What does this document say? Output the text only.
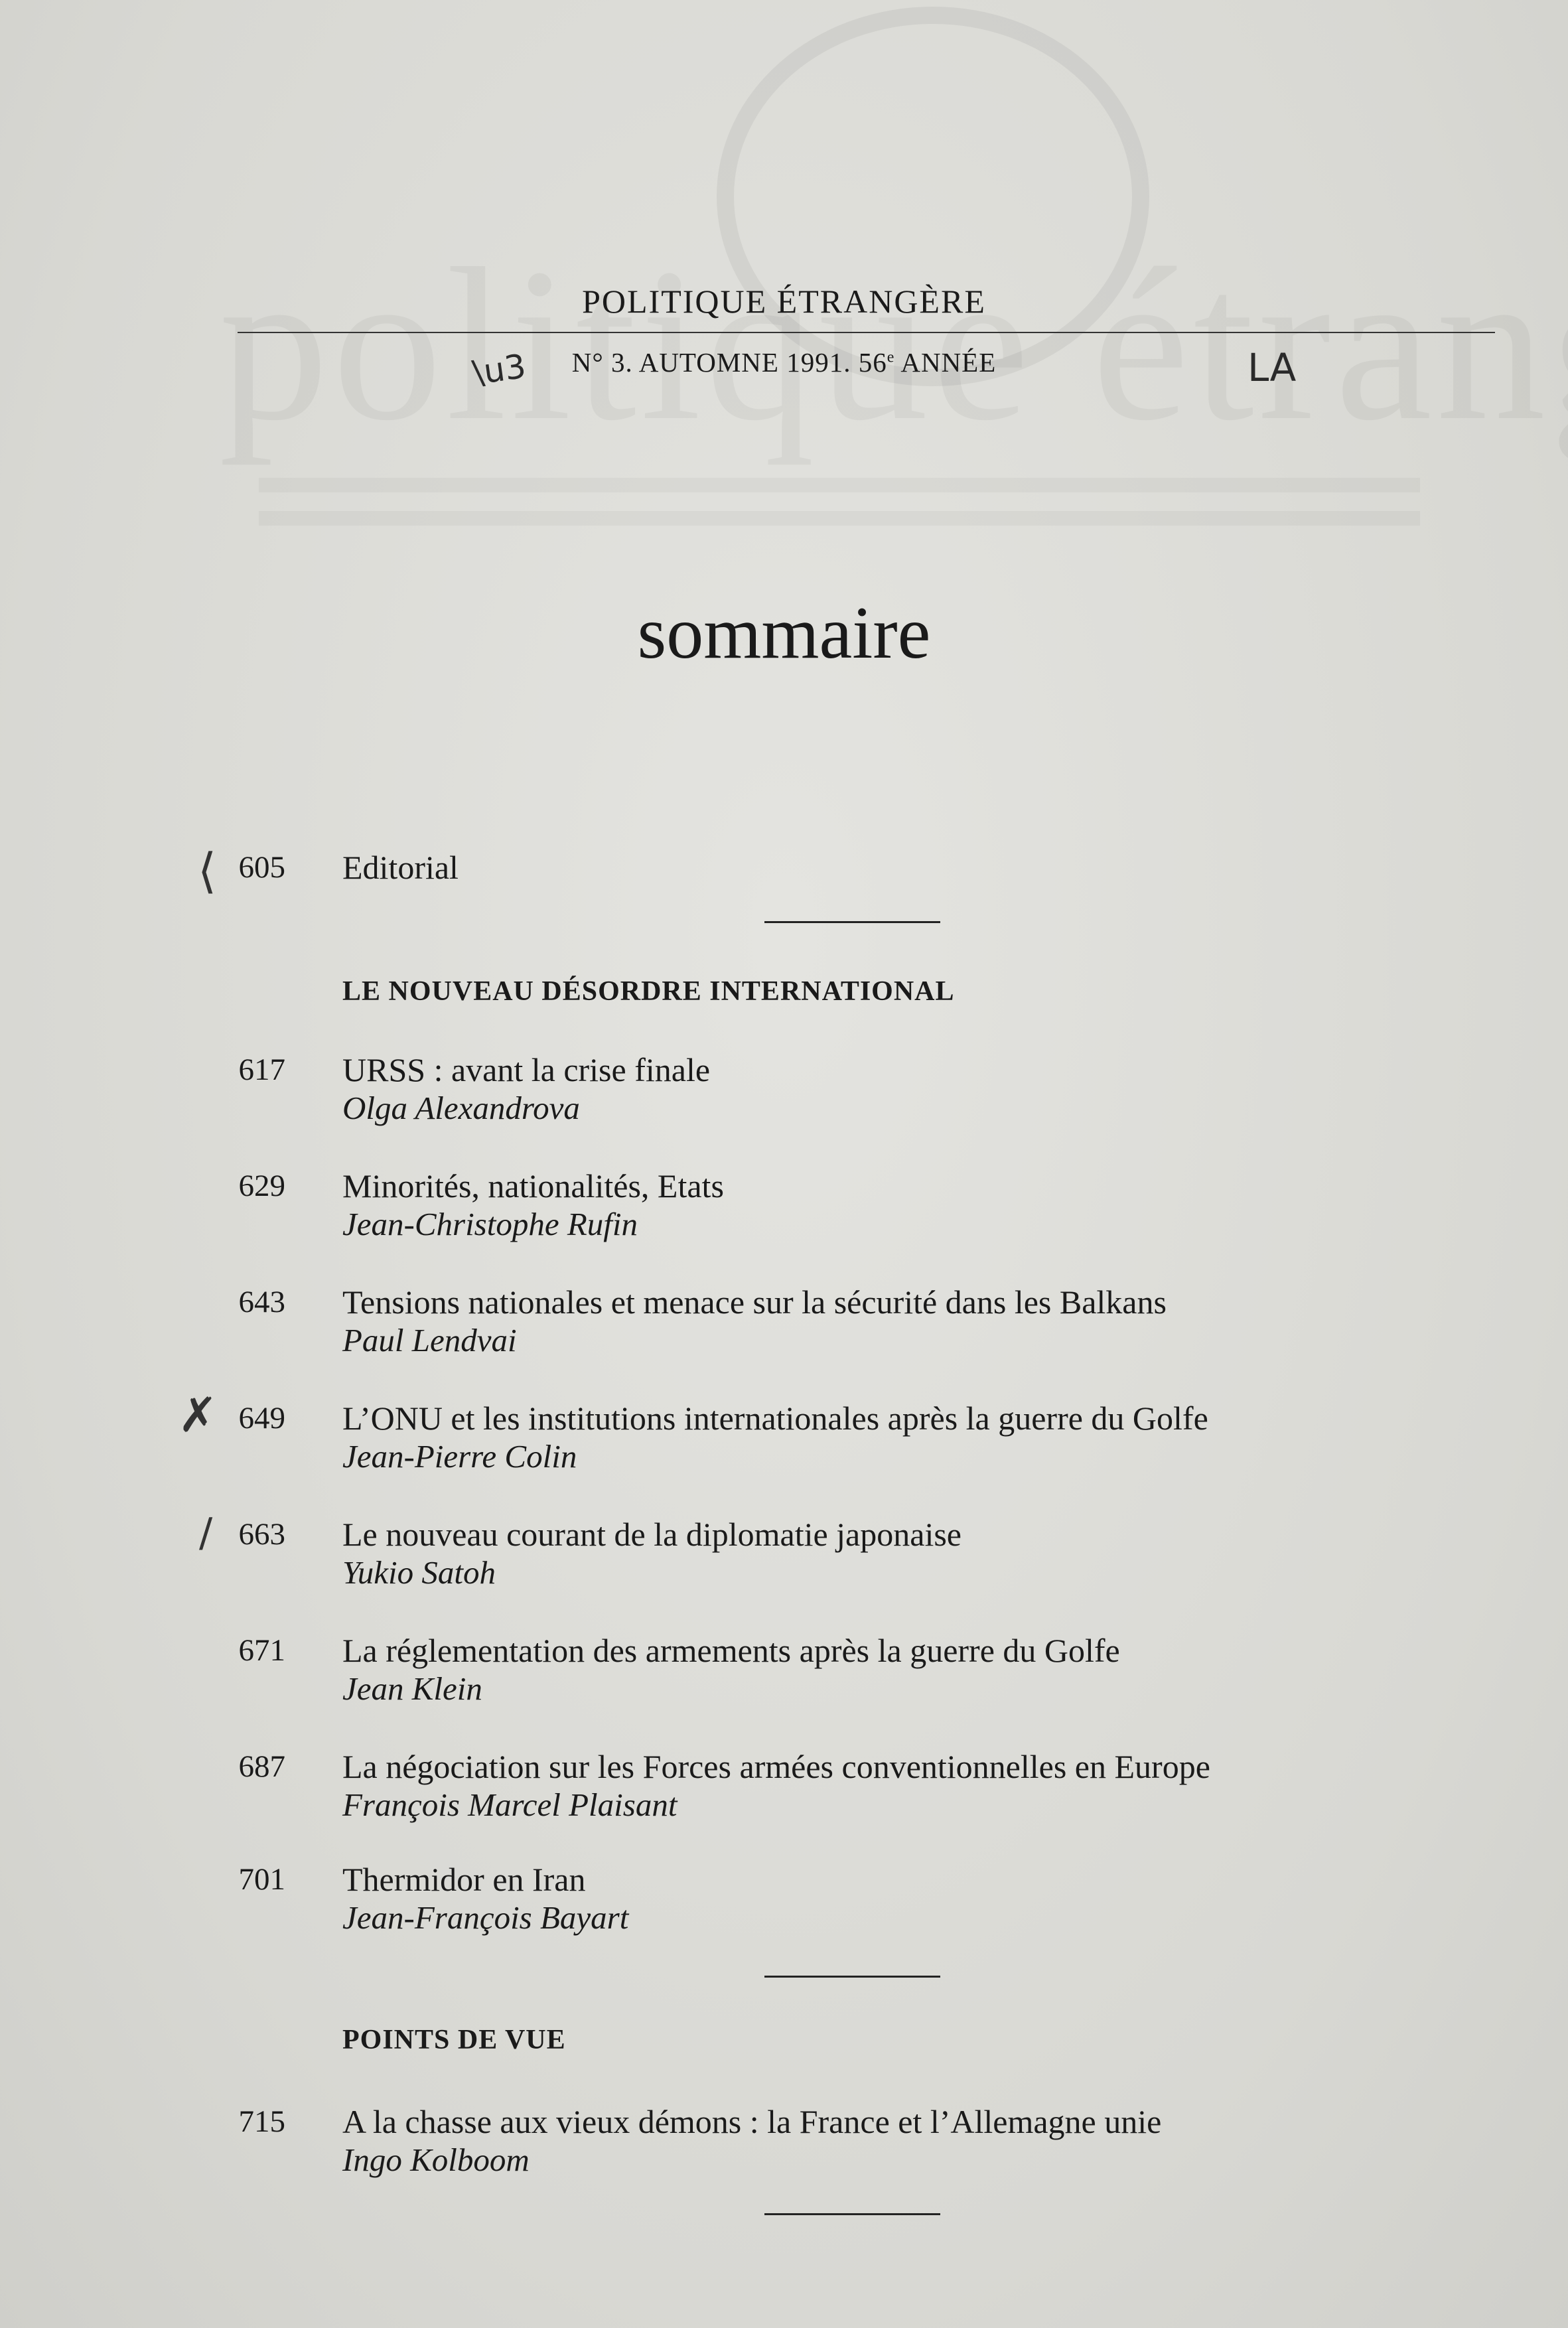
POLITIQUE ÉTRANGÈRE
N° 3. AUTOMNE 1991. 56e ANNÉE
\u3	LA
sommaire
605 Editorial
⟨
LE NOUVEAU DÉSORDRE INTERNATIONAL
617 URSS : avant la crise finale
Olga Alexandrova
629 Minorités, nationalités, Etats
Jean-Christophe Rufin
643 Tensions nationales et menace sur la sécurité dans les Balkans
Paul Lendvai
649 L’ONU et les institutions internationales après la guerre du Golfe
Jean-Pierre Colin
✗
663 Le nouveau courant de la diplomatie japonaise
Yukio Satoh
/
671 La réglementation des armements après la guerre du Golfe
Jean Klein
687 La négociation sur les Forces armées conventionnelles en Europe
François Marcel Plaisant
701 Thermidor en Iran
Jean-François Bayart
POINTS DE VUE
715 A la chasse aux vieux démons : la France et l’Allemagne unie
Ingo Kolboom
